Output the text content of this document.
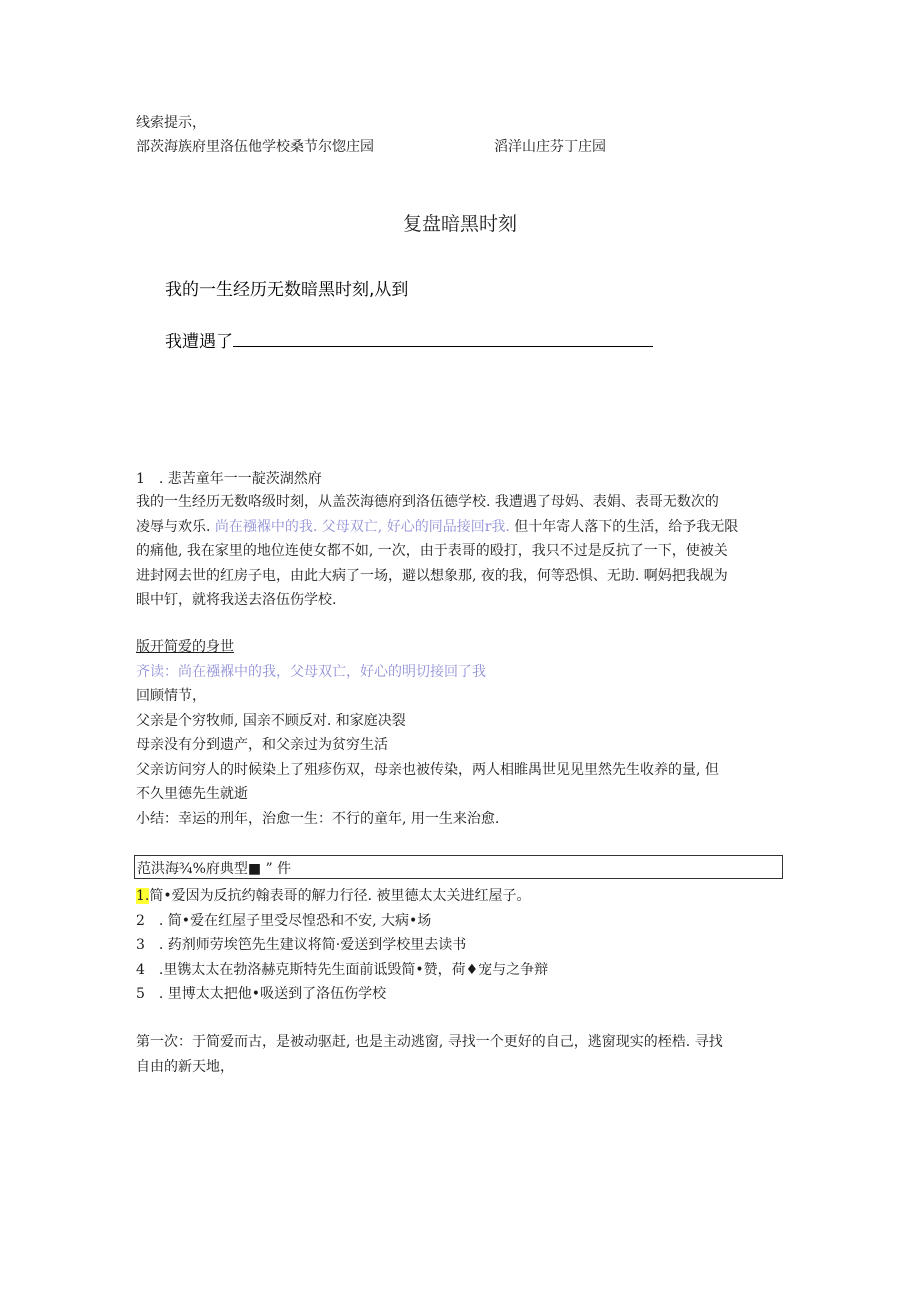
线索提示，
部茨海族府里洛伍他学校桑节尔惚庄园	滔洋山庄芬丁庄园
复盘暗黑时刻
我的一生经历无数暗黑时刻,从到
我遭遇了
1　. 悲苦童年一一靛茨湖然府
我的一生经历无数咯级时刻，从盖茨海德府到洛伍德学校. 我遭遇了母妈、表娟、表哥无数次的
凌辱与欢乐. 尚在襁褓中的我. 父母双亡, 好心的同品接回r我. 但十年寄人落下的生活，给予我无限
的痛他, 我在家里的地位连使女都不如, 一次，由于表哥的殴打，我只不过是反抗了一下，使被关
进封网去世的红房子电，由此大病了一场，避以想象那, 夜的我，何等恐惧、无助. 啊妈把我觇为
眼中钉，就将我送去洛伍伤学校.
版开简爱的身世
齐读：尚在襁褓中的我，父母双亡，好心的明切接回了我
回顾情节，
父亲是个穷牧师, 国亲不顾反对. 和家庭决裂
母亲没有分到遗产，和父亲过为贫穷生活
父亲访问穷人的时候染上了殂疹伤双，母亲也被传染，两人相睢禺世见见里然先生收养的量, 但
不久里德先生就逝
小结：幸运的刑年，治愈一生：不行的童年, 用一生来治愈.
范洪海¾%府典型■ ” 件
1.简•爱因为反抗约翰表哥的解力行径. 被里德太太关进红屋子。
2　. 简•爱在红屋子里受尽惶恐和不安, 大病•场
3　. 药剂师劳埃笆先生建议将简·爱送到学校里去读书
4　.里镌太太在勃洛赫克斯特先生面前诋毁简•赞，荷♦宠与之争辩
5　. 里博太太把他•吸送到了洛伍伤学校
第一次：于简爱而古，是被动驱赶, 也是主动逃窗, 寻找一个更好的自己，逃窗现实的桎梏. 寻找
自由的新天地，
